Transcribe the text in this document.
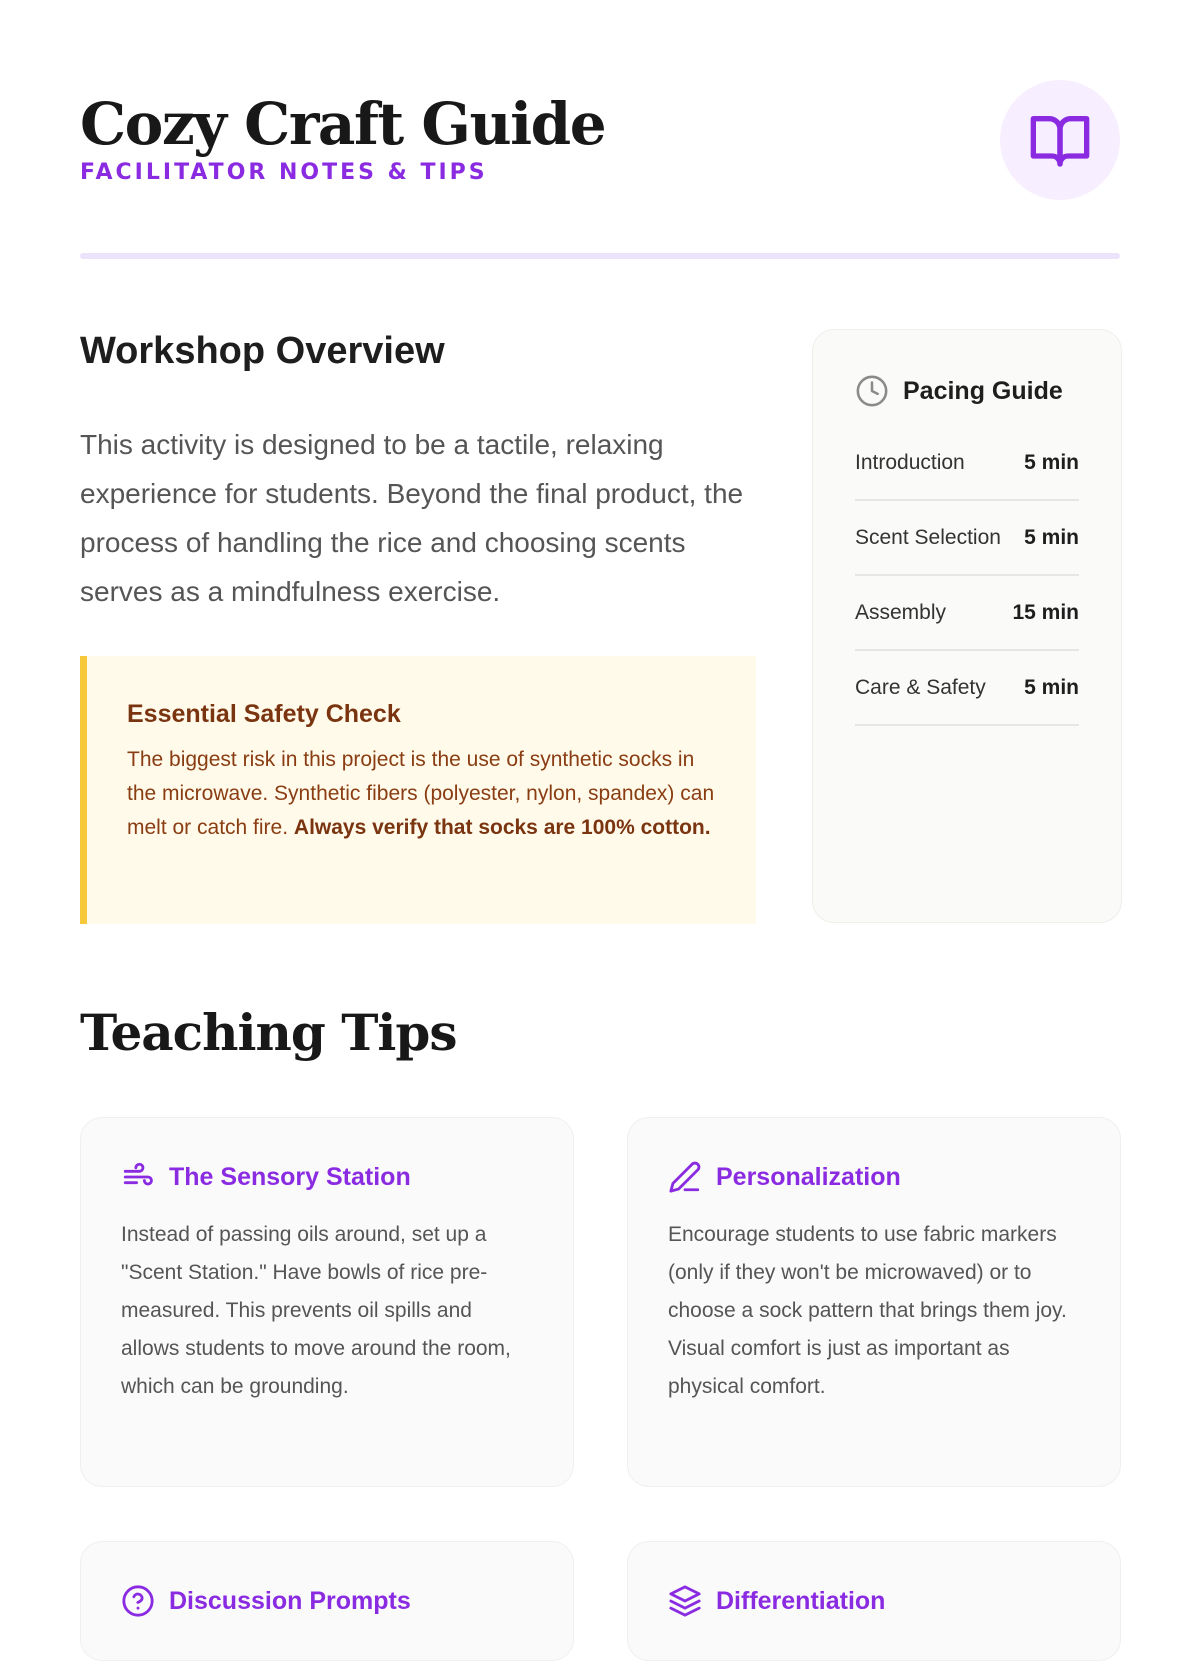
Cozy Craft Guide
FACILITATOR NOTES & TIPS
Workshop Overview
This activity is designed to be a tactile, relaxing experience for students. Beyond the final product, the process of handling the rice and choosing scents serves as a mindfulness exercise.
Essential Safety Check
The biggest risk in this project is the use of synthetic socks in the microwave. Synthetic fibers (polyester, nylon, spandex) can melt or catch fire. Always verify that socks are 100% cotton.
Pacing Guide
Introduction	5 min
Scent Selection 5 min
Assembly	15 min
Care & Safety 5 min
Teaching Tips
The Sensory Station
Instead of passing oils around, set up a "Scent Station." Have bowls of rice pre-measured. This prevents oil spills and allows students to move around the room, which can be grounding.
Personalization
Encourage students to use fabric markers (only if they won't be microwaved) or to choose a sock pattern that brings them joy. Visual comfort is just as important as physical comfort.
Discussion Prompts	Differentiation
